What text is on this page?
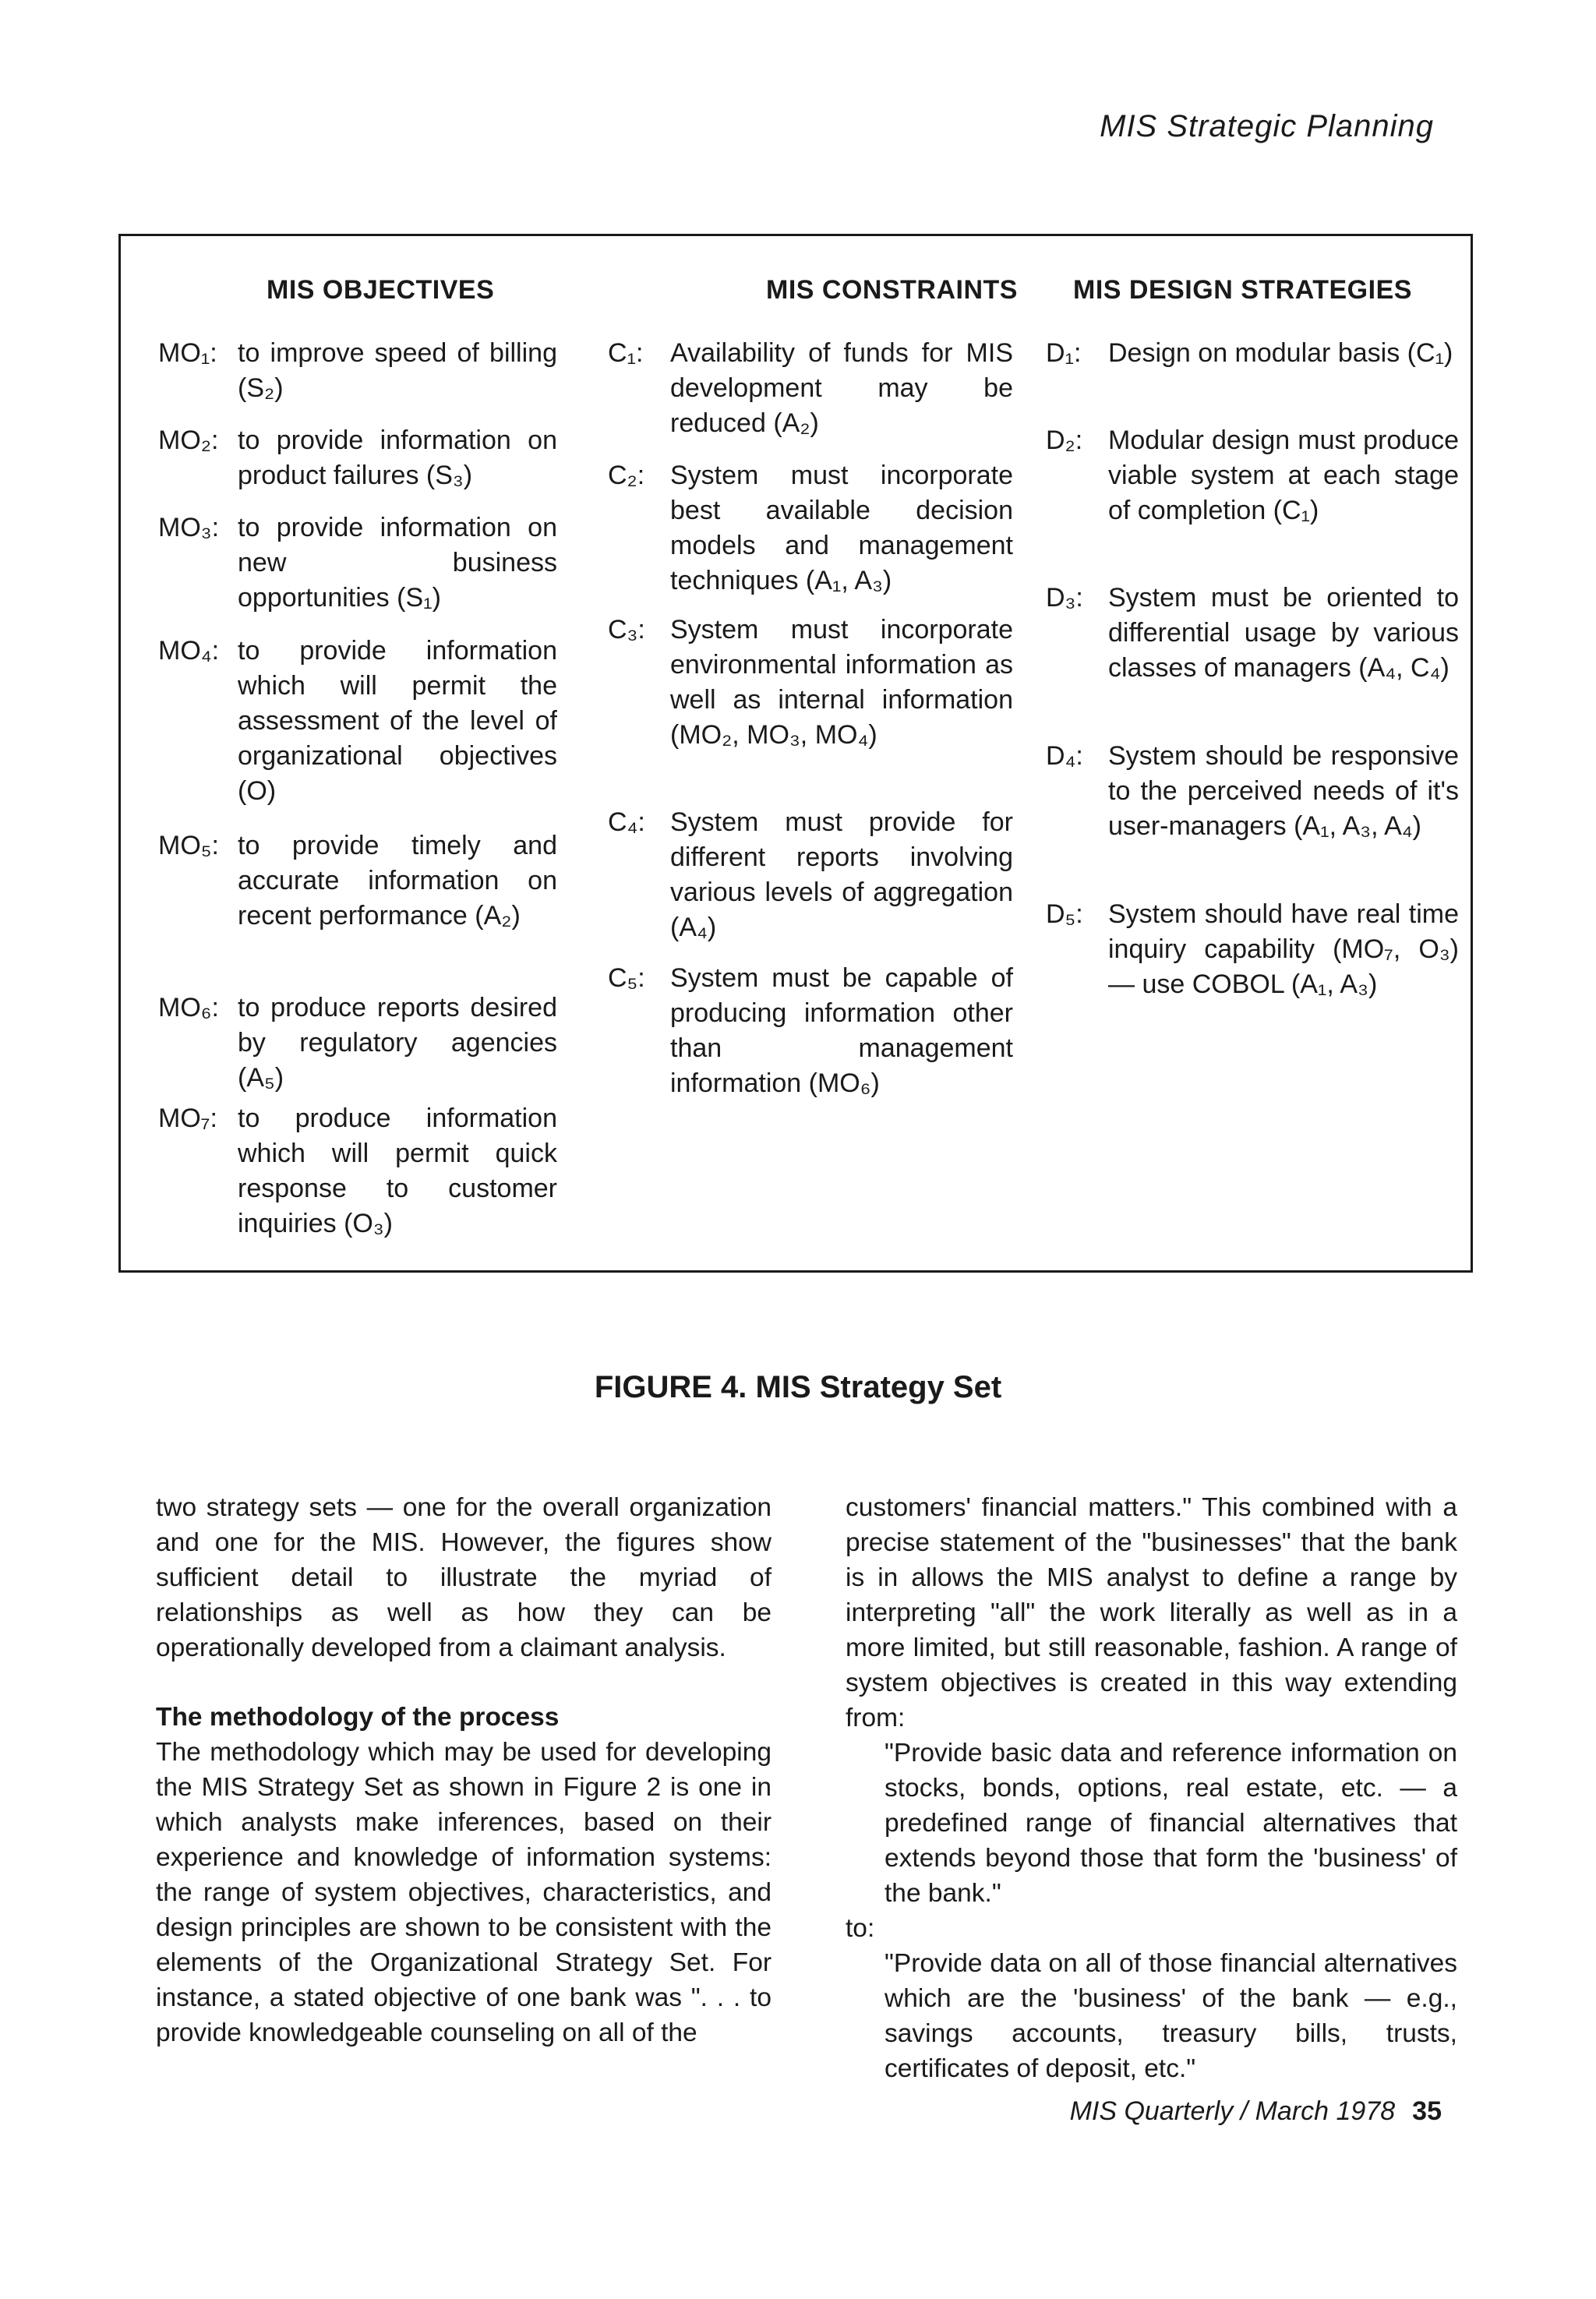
MIS Strategic Planning
MIS OBJECTIVES	MIS CONSTRAINTS MIS DESIGN STRATEGIES
MO₁: to improve speed of billing (S₂)
MO₂: to provide information on product failures (S₃)
MO₃: to provide information on new business opportunities (S₁)
MO₄: to provide information which will permit the assessment of the level of organizational objectives (O)
MO₅: to provide timely and accurate information on recent performance (A₂)
MO₆: to produce reports desired by regulatory agencies (A₅)
MO₇: to produce information which will permit quick response to customer inquiries (O₃)
C₁: Availability of funds for MIS development may be reduced (A₂)
C₂: System must incorporate best available decision models and management techniques (A₁, A₃)
C₃: System must incorporate environmental information as well as internal information (MO₂, MO₃, MO₄)
C₄: System must provide for different reports involving various levels of aggregation (A₄)
C₅: System must be capable of producing information other than management information (MO₆)
D₁: Design on modular basis (C₁)
D₂: Modular design must produce viable system at each stage of completion (C₁)
D₃: System must be oriented to differential usage by various classes of managers (A₄, C₄)
D₄: System should be responsive to the perceived needs of it's user-managers (A₁, A₃, A₄)
D₅: System should have real time inquiry capability (MO₇, O₃) — use COBOL (A₁, A₃)
FIGURE 4. MIS Strategy Set

two strategy sets — one for the overall organization and one for the MIS. However, the figures show sufficient detail to illustrate the myriad of relationships as well as how they can be operationally developed from a claimant analysis.

The methodology of the process

The methodology which may be used for developing the MIS Strategy Set as shown in Figure 2 is one in which analysts make inferences, based on their experience and knowledge of information systems: the range of system objectives, characteristics, and design principles are shown to be consistent with the elements of the Organizational Strategy Set. For instance, a stated objective of one bank was ". . . to provide knowledgeable counseling on all of the

customers' financial matters." This combined with a precise statement of the "businesses" that the bank is in allows the MIS analyst to define a range by interpreting "all" the work literally as well as in a more limited, but still reasonable, fashion. A range of system objectives is created in this way extending from:

"Provide basic data and reference information on stocks, bonds, options, real estate, etc. — a predefined range of financial alternatives that extends beyond those that form the 'business' of the bank."

to:

"Provide data on all of those financial alternatives which are the 'business' of the bank — e.g., savings accounts, treasury bills, trusts, certificates of deposit, etc."

MIS Quarterly / March 1978 35
